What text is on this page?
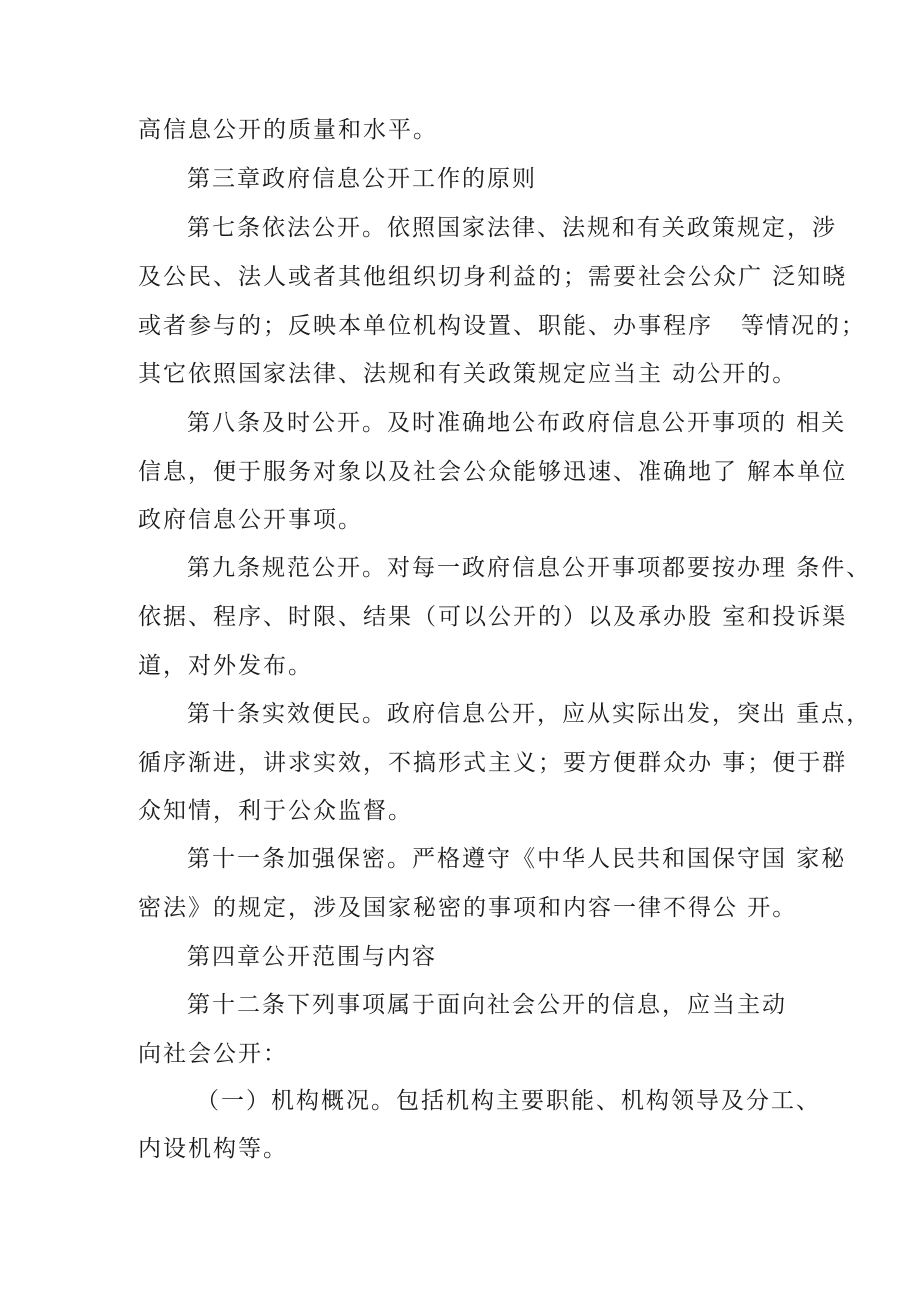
高信息公开的质量和水平。
第三章政府信息公开工作的原则
第七条依法公开。依照国家法律、法规和有关政策规定，涉
及公民、法人或者其他组织切身利益的；需要社会公众广 泛知晓
或者参与的；反映本单位机构设置、职能、办事程序   等情况的；
其它依照国家法律、法规和有关政策规定应当主 动公开的。
第八条及时公开。及时准确地公布政府信息公开事项的 相关
信息，便于服务对象以及社会公众能够迅速、准确地了 解本单位
政府信息公开事项。
第九条规范公开。对每一政府信息公开事项都要按办理 条件、
依据、程序、时限、结果（可以公开的）以及承办股 室和投诉渠
道，对外发布。
第十条实效便民。政府信息公开，应从实际出发，突出 重点，
循序渐进，讲求实效，不搞形式主义；要方便群众办 事；便于群
众知情，利于公众监督。
第十一条加强保密。严格遵守《中华人民共和国保守国 家秘
密法》的规定，涉及国家秘密的事项和内容一律不得公 开。
第四章公开范围与内容
第十二条下列事项属于面向社会公开的信息，应当主动
向社会公开：
（一）机构概况。包括机构主要职能、机构领导及分工、
内设机构等。
